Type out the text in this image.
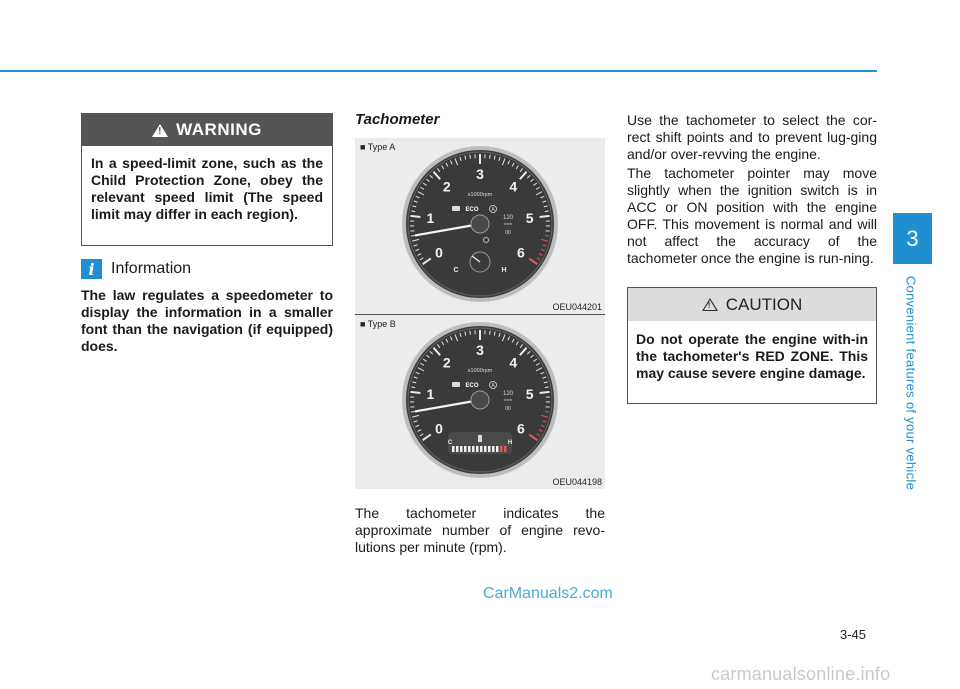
3
Convenient features of your vehicle
!
WARNING
In a speed-limit zone, such as the Child Protection Zone, obey the relevant speed limit (The speed limit may differ in each region).
i	Information
The law regulates a speedometer to display the information in a smaller font than the navigation (if equipped) does.
Tachometer
■ Type A
0
1
2
3
4
5
6
x1000rpm
ECO	A
120
km/h
00
C	H
OEU044201
■ Type B
0
1
2
3
4
5
6
x1000rpm
ECO	A
120
km/h
00
C	H
OEU044198
The tachometer indicates the approximate number of engine revo-lutions per minute (rpm).
Use the tachometer to select the cor-rect shift points and to prevent lug-ging and/or over-revving the engine.
The tachometer pointer may move slightly when the ignition switch is in ACC or ON position with the engine OFF. This movement is normal and will not affect the accuracy of the tachometer once the engine is run-ning.
! CAUTION
Do not operate the engine with-in the tachometer's RED ZONE. This may cause severe engine damage.
3-45
CarManuals2.com
carmanualsonline.info
